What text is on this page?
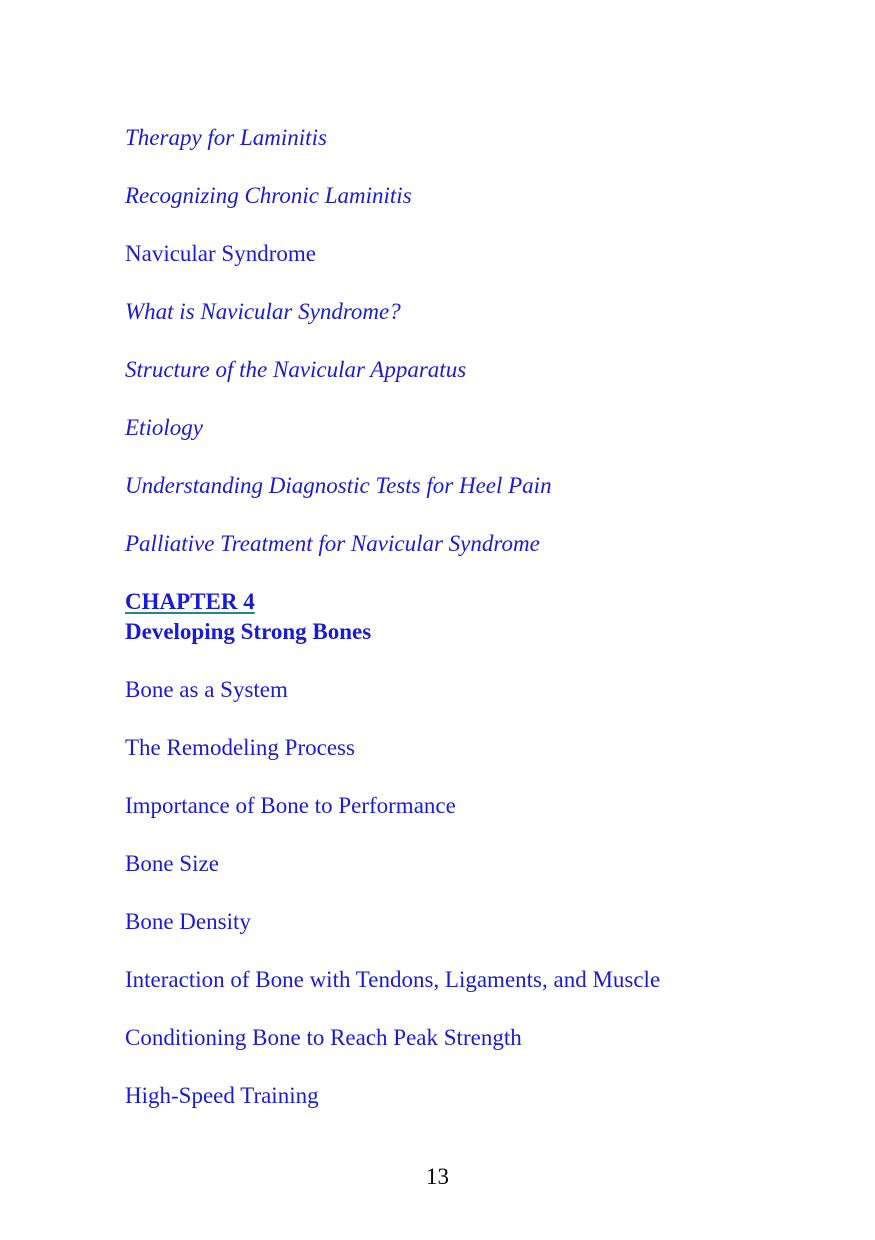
Therapy for Laminitis

Recognizing Chronic Laminitis

Navicular Syndrome

What is Navicular Syndrome?

Structure of the Navicular Apparatus

Etiology

Understanding Diagnostic Tests for Heel Pain

Palliative Treatment for Navicular Syndrome

CHAPTER 4

Developing Strong Bones

Bone as a System

The Remodeling Process

Importance of Bone to Performance

Bone Size

Bone Density

Interaction of Bone with Tendons, Ligaments, and Muscle

Conditioning Bone to Reach Peak Strength

High-Speed Training

13
